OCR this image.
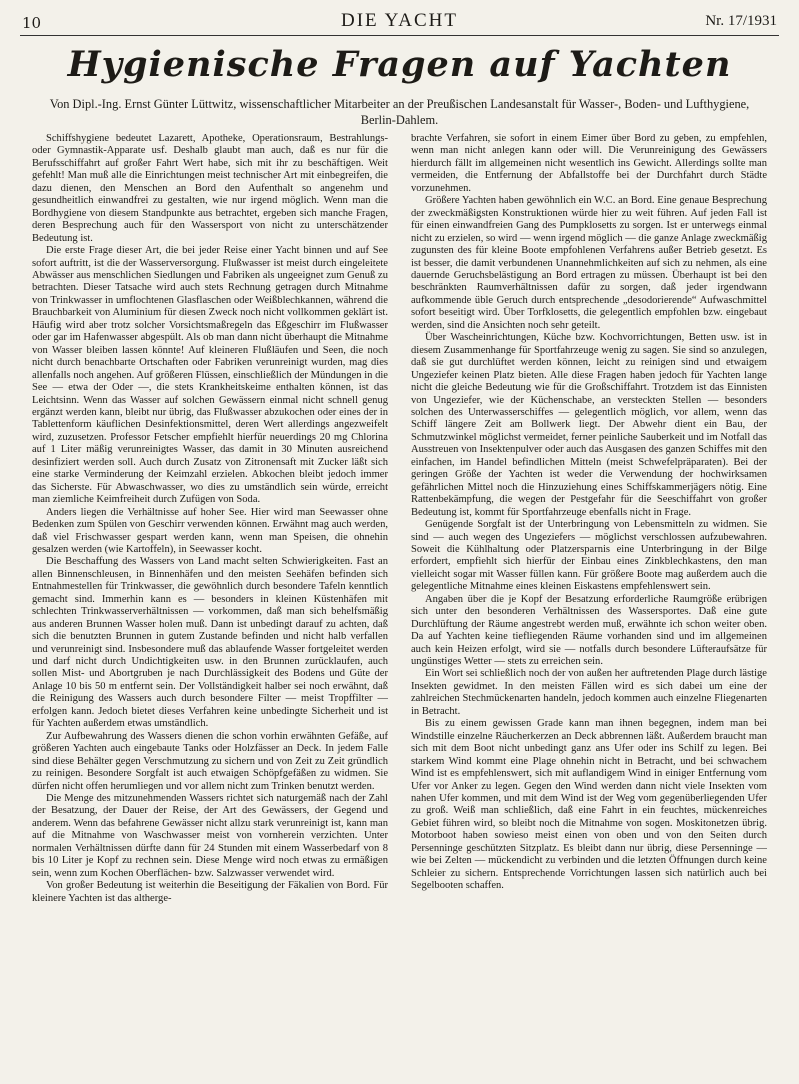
10	DIE YACHT	Nr. 17/1931
Hygienische Fragen auf Yachten
Von Dipl.-Ing. Ernst Günter Lüttwitz, wissenschaftlicher Mitarbeiter an der Preußischen Landesanstalt für Wasser-, Boden- und Lufthygiene, Berlin-Dahlem.

Schiffshygiene bedeutet Lazarett, Apotheke, Operationsraum, Bestrahlungs- oder Gymnastik-Apparate usf. Deshalb glaubt man auch, daß es nur für die Berufsschiffahrt auf großer Fahrt Wert habe, sich mit ihr zu beschäftigen. Weit gefehlt! Man muß alle die Einrichtungen meist technischer Art mit einbegreifen, die dazu dienen, den Menschen an Bord den Aufenthalt so angenehm und gesundheitlich einwandfrei zu gestalten, wie nur irgend möglich. Wenn man die Bordhygiene von diesem Standpunkte aus betrachtet, ergeben sich manche Fragen, deren Besprechung auch für den Wassersport von nicht zu unterschätzender Bedeutung ist.

Die erste Frage dieser Art, die bei jeder Reise einer Yacht binnen und auf See sofort auftritt, ist die der Wasserversorgung. Flußwasser ist meist durch eingeleitete Abwässer aus menschlichen Siedlungen und Fabriken als ungeeignet zum Genuß zu betrachten. Dieser Tatsache wird auch stets Rechnung getragen durch Mitnahme von Trinkwasser in umflochtenen Glasflaschen oder Weißblechkannen, während die Brauchbarkeit von Aluminium für diesen Zweck noch nicht vollkommen geklärt ist. Häufig wird aber trotz solcher Vorsichtsmaßregeln das Eßgeschirr im Flußwasser oder gar im Hafenwasser abgespült. Als ob man dann nicht überhaupt die Mitnahme von Wasser bleiben lassen könnte! Auf kleineren Flußläufen und Seen, die noch nicht durch benachbarte Ortschaften oder Fabriken verunreinigt wurden, mag dies allenfalls noch angehen. Auf größeren Flüssen, einschließlich der Mündungen in die See — etwa der Oder —, die stets Krankheitskeime enthalten können, ist das Leichtsinn. Wenn das Wasser auf solchen Gewässern einmal nicht schnell genug ergänzt werden kann, bleibt nur übrig, das Flußwasser abzukochen oder eines der in Tablettenform käuflichen Desinfektionsmittel, deren Wert allerdings angezweifelt wird, zuzusetzen. Professor Fetscher empfiehlt hierfür neuerdings 20 mg Chlorina auf 1 Liter mäßig verunreinigtes Wasser, das damit in 30 Minuten ausreichend desinfiziert werden soll. Auch durch Zusatz von Zitronensaft mit Zucker läßt sich eine starke Verminderung der Keimzahl erzielen. Abkochen bleibt jedoch immer das Sicherste. Für Abwaschwasser, wo dies zu umständlich sein würde, erreicht man ziemliche Keimfreiheit durch Zufügen von Soda.

Anders liegen die Verhältnisse auf hoher See. Hier wird man Seewasser ohne Bedenken zum Spülen von Geschirr verwenden können. Erwähnt mag auch werden, daß viel Frischwasser gespart werden kann, wenn man Speisen, die ohnehin gesalzen werden (wie Kartoffeln), in Seewasser kocht.

Die Beschaffung des Wassers von Land macht selten Schwierigkeiten. Fast an allen Binnenschleusen, in Binnenhäfen und den meisten Seehäfen befinden sich Entnahmestellen für Trinkwasser, die gewöhnlich durch besondere Tafeln kenntlich gemacht sind. Immerhin kann es — besonders in kleinen Küstenhäfen mit schlechten Trinkwasserverhältnissen — vorkommen, daß man sich behelfsmäßig aus anderen Brunnen Wasser holen muß. Dann ist unbedingt darauf zu achten, daß sich die benutzten Brunnen in gutem Zustande befinden und nicht halb verfallen und verunreinigt sind. Insbesondere muß das ablaufende Wasser fortgeleitet werden und darf nicht durch Undichtigkeiten usw. in den Brunnen zurücklaufen, auch sollen Mist- und Abortgruben je nach Durchlässigkeit des Bodens und Güte der Anlage 10 bis 50 m entfernt sein. Der Vollständigkeit halber sei noch erwähnt, daß die Reinigung des Wassers auch durch besondere Filter — meist Tropffilter — erfolgen kann. Jedoch bietet dieses Verfahren keine unbedingte Sicherheit und ist für Yachten außerdem etwas umständlich.

Zur Aufbewahrung des Wassers dienen die schon vorhin erwähnten Gefäße, auf größeren Yachten auch eingebaute Tanks oder Holzfässer an Deck. In jedem Falle sind diese Behälter gegen Verschmutzung zu sichern und von Zeit zu Zeit gründlich zu reinigen. Besondere Sorgfalt ist auch etwaigen Schöpfgefäßen zu widmen. Sie dürfen nicht offen herumliegen und vor allem nicht zum Trinken benutzt werden.

Die Menge des mitzunehmenden Wassers richtet sich naturgemäß nach der Zahl der Besatzung, der Dauer der Reise, der Art des Gewässers, der Gegend und anderem. Wenn das befahrene Gewässer nicht allzu stark verunreinigt ist, kann man auf die Mitnahme von Waschwasser meist von vornherein verzichten. Unter normalen Verhältnissen dürfte dann für 24 Stunden mit einem Wasserbedarf von 8 bis 10 Liter je Kopf zu rechnen sein. Diese Menge wird noch etwas zu ermäßigen sein, wenn zum Kochen Oberflächen- bzw. Salzwasser verwendet wird.

Von großer Bedeutung ist weiterhin die Beseitigung der Fäkalien von Bord. Für kleinere Yachten ist das altherge-

brachte Verfahren, sie sofort in einem Eimer über Bord zu geben, zu empfehlen, wenn man nicht anlegen kann oder will. Die Verunreinigung des Gewässers hierdurch fällt im allgemeinen nicht wesentlich ins Gewicht. Allerdings sollte man vermeiden, die Entfernung der Abfallstoffe bei der Durchfahrt durch Städte vorzunehmen.

Größere Yachten haben gewöhnlich ein W.C. an Bord. Eine genaue Besprechung der zweckmäßigsten Konstruktionen würde hier zu weit führen. Auf jeden Fall ist für einen einwandfreien Gang des Pumpklosetts zu sorgen. Ist er unterwegs einmal nicht zu erzielen, so wird — wenn irgend möglich — die ganze Anlage zweckmäßig zugunsten des für kleine Boote empfohlenen Verfahrens außer Betrieb gesetzt. Es ist besser, die damit verbundenen Unannehmlichkeiten auf sich zu nehmen, als eine dauernde Geruchsbelästigung an Bord ertragen zu müssen. Überhaupt ist bei den beschränkten Raumverhältnissen dafür zu sorgen, daß jeder irgendwann aufkommende üble Geruch durch entsprechende „desodorierende“ Aufwaschmittel sofort beseitigt wird. Über Torfklosetts, die gelegentlich empfohlen bzw. eingebaut werden, sind die Ansichten noch sehr geteilt.

Über Wascheinrichtungen, Küche bzw. Kochvorrichtungen, Betten usw. ist in diesem Zusammenhange für Sportfahrzeuge wenig zu sagen. Sie sind so anzulegen, daß sie gut durchlüftet werden können, leicht zu reinigen sind und etwaigem Ungeziefer keinen Platz bieten. Alle diese Fragen haben jedoch für Yachten lange nicht die gleiche Bedeutung wie für die Großschiffahrt. Trotzdem ist das Einnisten von Ungeziefer, wie der Küchenschabe, an versteckten Stellen — besonders solchen des Unterwasserschiffes — gelegentlich möglich, vor allem, wenn das Schiff längere Zeit am Bollwerk liegt. Der Abwehr dient ein Bau, der Schmutzwinkel möglichst vermeidet, ferner peinliche Sauberkeit und im Notfall das Ausstreuen von Insektenpulver oder auch das Ausgasen des ganzen Schiffes mit den einfachen, im Handel befindlichen Mitteln (meist Schwefelpräparaten). Bei der geringen Größe der Yachten ist weder die Verwendung der hochwirksamen gefährlichen Mittel noch die Hinzuziehung eines Schiffskammerjägers nötig. Eine Rattenbekämpfung, die wegen der Pestgefahr für die Seeschiffahrt von großer Bedeutung ist, kommt für Sportfahrzeuge ebenfalls nicht in Frage.

Genügende Sorgfalt ist der Unterbringung von Lebensmitteln zu widmen. Sie sind — auch wegen des Ungeziefers — möglichst verschlossen aufzubewahren. Soweit die Kühlhaltung oder Platzersparnis eine Unterbringung in der Bilge erfordert, empfiehlt sich hierfür der Einbau eines Zinkblechkastens, den man vielleicht sogar mit Wasser füllen kann. Für größere Boote mag außerdem auch die gelegentliche Mitnahme eines kleinen Eiskastens empfehlenswert sein.

Angaben über die je Kopf der Besatzung erforderliche Raumgröße erübrigen sich unter den besonderen Verhältnissen des Wassersportes. Daß eine gute Durchlüftung der Räume angestrebt werden muß, erwähnte ich schon weiter oben. Da auf Yachten keine tiefliegenden Räume vorhanden sind und im allgemeinen auch kein Heizen erfolgt, wird sie — notfalls durch besondere Lüfteraufsätze für ungünstiges Wetter — stets zu erreichen sein.

Ein Wort sei schließlich noch der von außen her auftretenden Plage durch lästige Insekten gewidmet. In den meisten Fällen wird es sich dabei um eine der zahlreichen Stechmückenarten handeln, jedoch kommen auch einzelne Fliegenarten in Betracht.

Bis zu einem gewissen Grade kann man ihnen begegnen, indem man bei Windstille einzelne Räucherkerzen an Deck abbrennen läßt. Außerdem braucht man sich mit dem Boot nicht unbedingt ganz ans Ufer oder ins Schilf zu legen. Bei starkem Wind kommt eine Plage ohnehin nicht in Betracht, und bei schwachem Wind ist es empfehlenswert, sich mit auflandigem Wind in einiger Entfernung vom Ufer vor Anker zu legen. Gegen den Wind werden dann nicht viele Insekten vom nahen Ufer kommen, und mit dem Wind ist der Weg vom gegenüberliegenden Ufer zu groß. Weiß man schließlich, daß eine Fahrt in ein feuchtes, mückenreiches Gebiet führen wird, so bleibt noch die Mitnahme von sogen. Moskitonetzen übrig. Motorboot haben sowieso meist einen von oben und von den Seiten durch Persenninge geschützten Sitzplatz. Es bleibt dann nur übrig, diese Persenninge — wie bei Zelten — mückendicht zu verbinden und die letzten Öffnungen durch keine Schleier zu sichern. Entsprechende Vorrichtungen lassen sich natürlich auch bei Segelbooten schaffen.
